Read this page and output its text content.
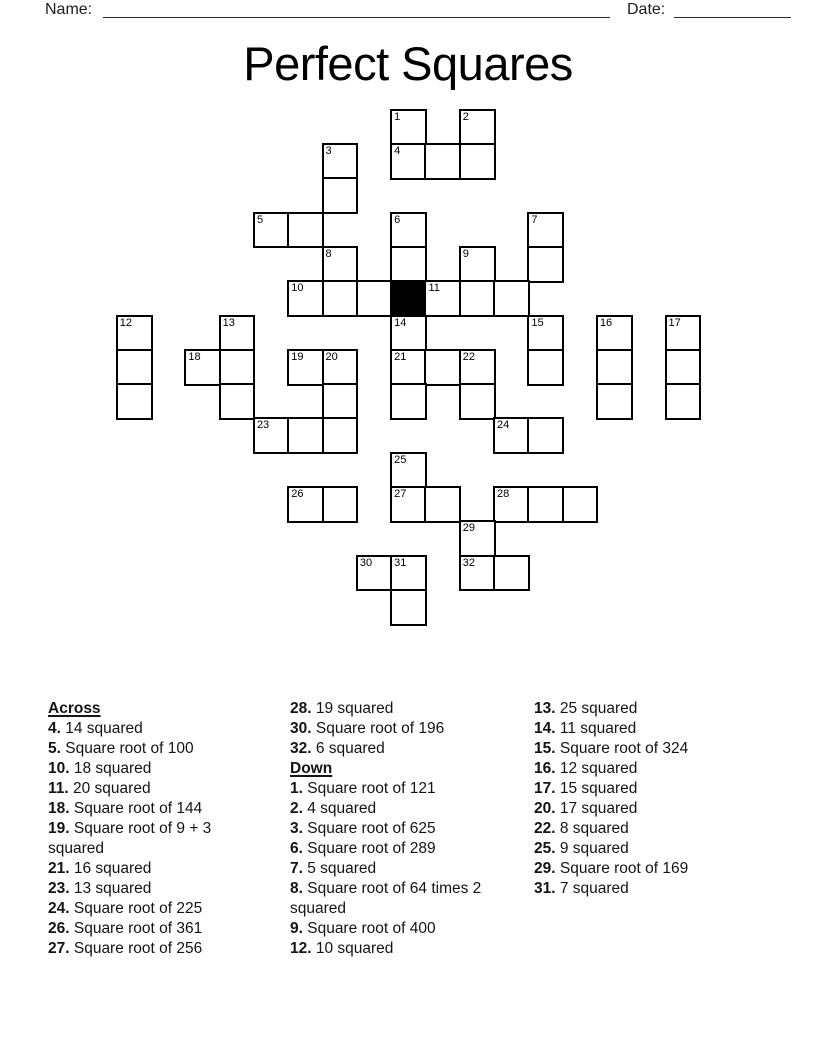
Name:	Date:
Perfect Squares
1	2
3	4
5	6	7
8	9
10	11
12	13	14	15	16	17
18	19 20	21	22
23	24
25
26	27	28
29
30 31	32
Across
4. 14 squared
5. Square root of 100
10. 18 squared
11. 20 squared
18. Square root of 144
19. Square root of 9 + 3 squared
21. 16 squared
23. 13 squared
24. Square root of 225
26. Square root of 361
27. Square root of 256
28. 19 squared
30. Square root of 196
32. 6 squared
Down
1. Square root of 121
2. 4 squared
3. Square root of 625
6. Square root of 289
7. 5 squared
8. Square root of 64 times 2 squared
9. Square root of 400
12. 10 squared
13. 25 squared
14. 11 squared
15. Square root of 324
16. 12 squared
17. 15 squared
20. 17 squared
22. 8 squared
25. 9 squared
29. Square root of 169
31. 7 squared
